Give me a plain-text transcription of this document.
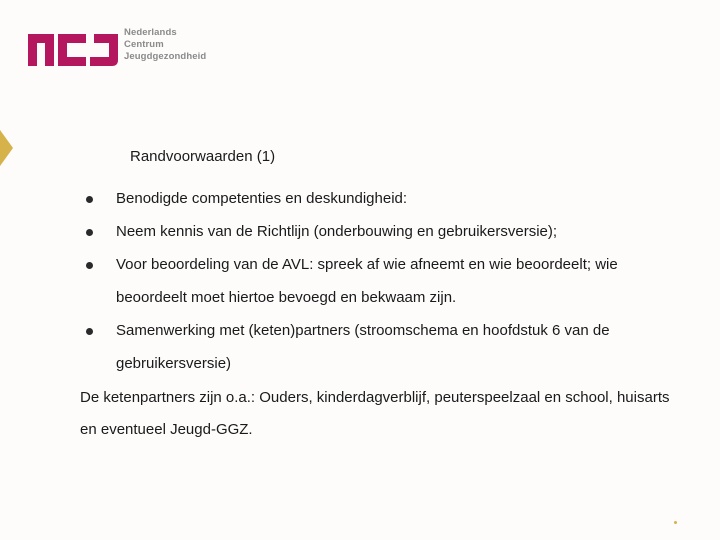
Nederlands
Centrum
Jeugdgezondheid
Randvoorwaarden (1)
Benodigde competenties en deskundigheid:
Neem kennis van de Richtlijn (onderbouwing en gebruikersversie);
Voor beoordeling van de AVL: spreek af wie afneemt en wie beoordeelt; wie beoordeelt moet hiertoe bevoegd en bekwaam zijn.
Samenwerking met (keten)partners (stroomschema en hoofdstuk 6 van de gebruikersversie)
De ketenpartners zijn o.a.: Ouders, kinderdagverblijf, peuterspeelzaal en school, huisarts en eventueel Jeugd-GGZ.
